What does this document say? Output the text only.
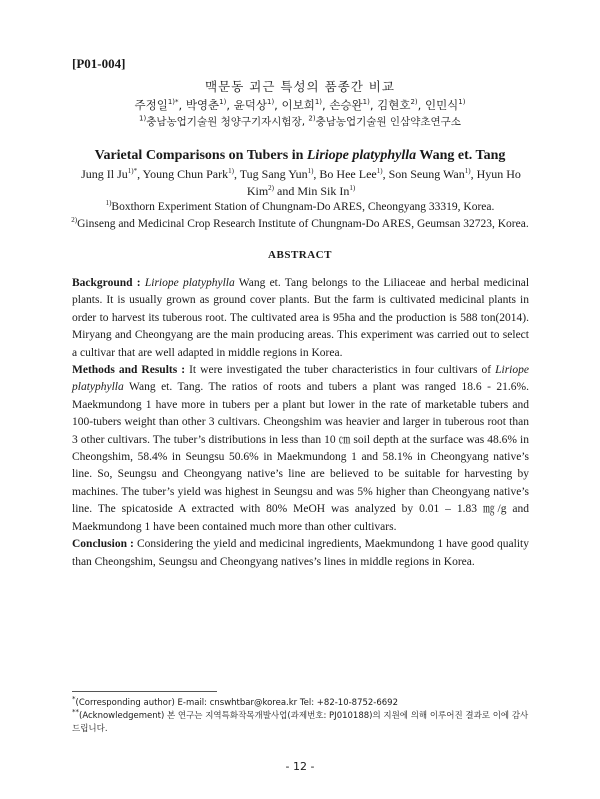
[P01-004]
맥문동 괴근 특성의 품종간 비교
주정일$^{1)*}$, 박영춘$^{1)}$, 윤덕상$^{1)}$, 이보희$^{1)}$, 손승완$^{1)}$, 김현호$^{2)}$, 인민식$^{1)}$
$^{1)}$충남농업기술원 청양구기자시험장, $^{2)}$충남농업기술원 인삼약초연구소
Varietal Comparisons on Tubers in Liriope platyphylla Wang et. Tang
Jung Il $Ju^{1)*}$, Young Chun Park$^{1)}$, Tug Sang Yun$^{1)}$, Bo Hee Lee$^{1)}$, Son Seung Wan$^{1)}$, Hyun Ho Kim$^{2)}$ and Min Sik In$^{1)}$
$^{1)}$Boxthorn Experiment Station of Chungnam-Do ARES, Cheongyang 33319, Korea.
$^{2)}$Ginseng and Medicinal Crop Research Institute of Chungnam-Do ARES, Geumsan 32723, Korea.
ABSTRACT

Background : Liriope platyphylla Wang et. Tang belongs to the Liliaceae and herbal medicinal plants. It is usually grown as ground cover plants. But the farm is cultivated medicinal plants in order to harvest its tuberous root. The cultivated area is 95ha and the production is 588 ton(2014). Miryang and Cheongyang are the main producing areas. This experiment was carried out to select a cultivar that are well adapted in middle regions in Korea.

Methods and Results : It were investigated the tuber characteristics in four cultivars of Liriope platyphylla Wang et. Tang. The ratios of roots and tubers a plant was ranged 18.6 - 21.6%. Maekmundong 1 have more in tubers per a plant but lower in the rate of marketable tubers and 100-tubers weight than other 3 cultivars. Cheongshim was heavier and larger in tuberous root than 3 other cultivars. The tuber’s distributions in less than 10 ㎝ soil depth at the surface was 48.6% in Cheongshim, 58.4% in Seungsu 50.6% in Maekmundong 1 and 58.1% in Cheongyang native’s line. So, Seungsu and Cheongyang native’s line are believed to be suitable for harvesting by machines. The tuber’s yield was highest in Seungsu and was 5% higher than Cheongyang native’s line. The spicatoside A extracted with 80% MeOH was analyzed by 0.01 – 1.83 ㎎/g and Maekmundong 1 have been contained much more than other cultivars.

Conclusion : Considering the yield and medicinal ingredients, Maekmundong 1 have good quality than Cheongshim, Seungsu and Cheongyang natives’s lines in middle regions in Korea.

*(Corresponding author) E-mail: cnswhtbar@korea.kr Tel: +82-10-8752-6692
**(Acknowledgement) 본 연구는 지역특화작목개발사업(과제번호: PJ010188)의 지원에 의해 이루어진 결과로 이에 감사드립니다.
- 12 -
